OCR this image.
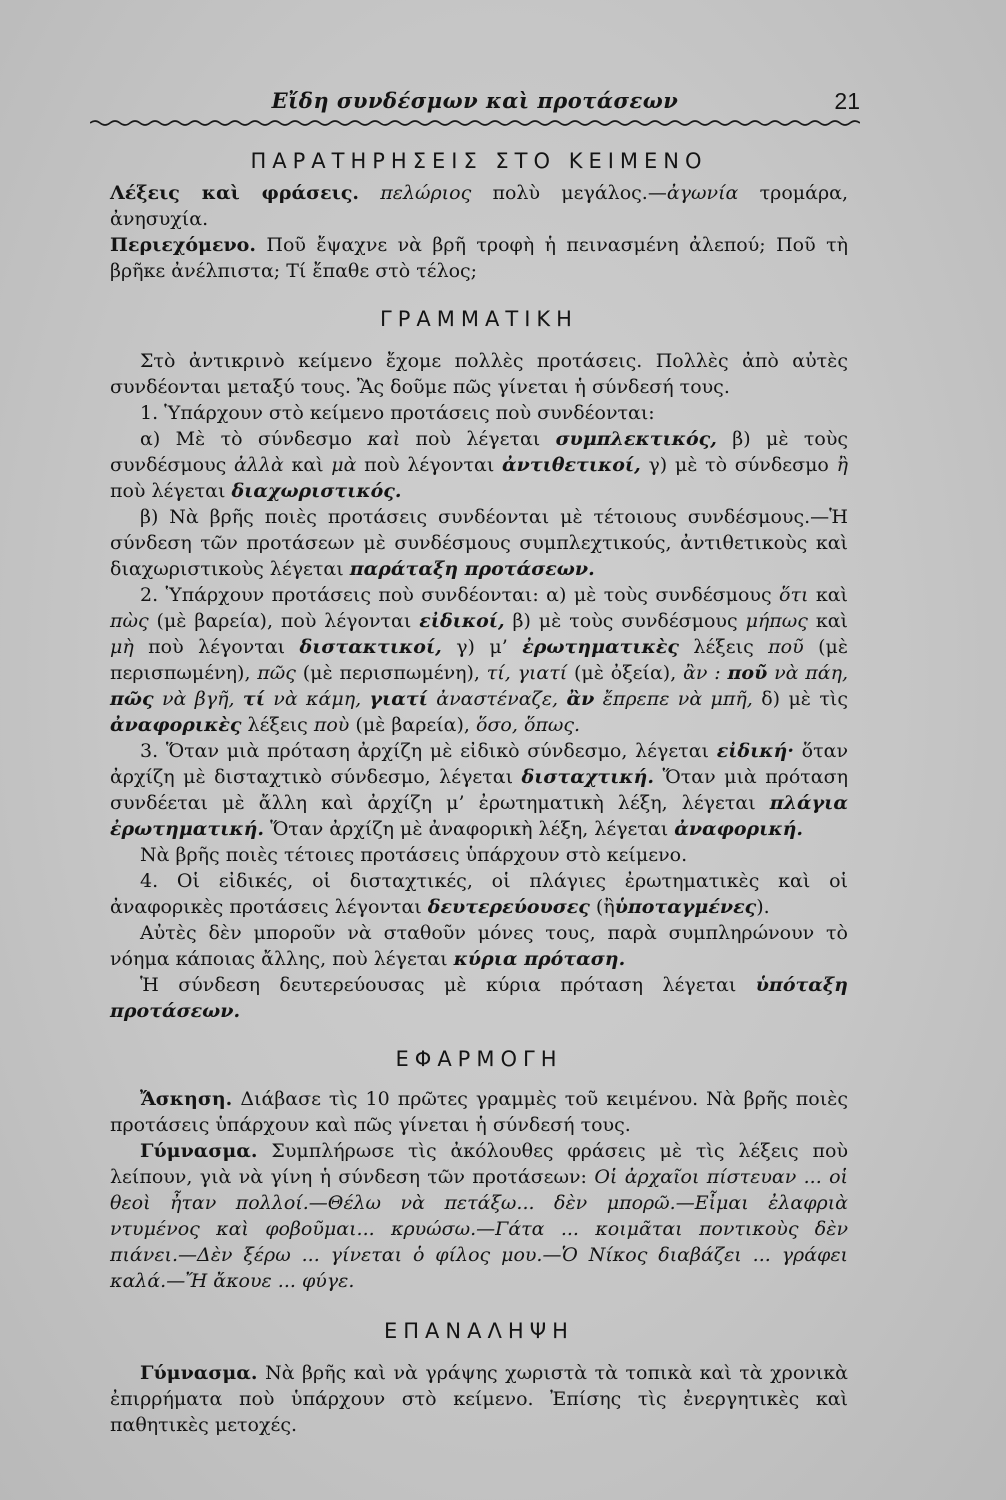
Εἴδη συνδέσμων καὶ προτάσεων	21
ΠΑΡΑΤΗΡΗΣΕΙΣ ΣΤΟ ΚΕΙΜΕΝΟ

Λέξεις καὶ φράσεις. πελώριος πολὺ μεγάλος.—ἀγωνία τρομάρα, ἀνησυχία.

Περιεχόμενο. Ποῦ ἔψαχνε νὰ βρῆ τροφὴ ἡ πεινασμένη ἀλεπού; Ποῦ τὴ βρῆκε ἀνέλπιστα; Τί ἔπαθε στὸ τέλος;

ΓΡΑΜΜΑΤΙΚΗ

Στὸ ἀντικρινὸ κείμενο ἔχομε πολλὲς προτάσεις. Πολλὲς ἀπὸ αὐτὲς συνδέονται μεταξύ τους. Ἂς δοῦμε πῶς γίνεται ἡ σύνδεσή τους.

1. Ὑπάρχουν στὸ κείμενο προτάσεις ποὺ συνδέονται:

α) Μὲ τὸ σύνδεσμο καὶ ποὺ λέγεται συμπλεκτικός, β) μὲ τοὺς συνδέσμους ἀλλὰ καὶ μὰ ποὺ λέγονται ἀντιθετικοί, γ) μὲ τὸ σύνδεσμο ἢ ποὺ λέγεται διαχωριστικός.

β) Νὰ βρῆς ποιὲς προτάσεις συνδέονται μὲ τέτοιους συνδέσμους.—Ἡ σύνδεση τῶν προτάσεων μὲ συνδέσμους συμπλεχτικούς, ἀντιθετικοὺς καὶ διαχωριστικοὺς λέγεται παράταξη προτάσεων.

2. Ὑπάρχουν προτάσεις ποὺ συνδέονται: α) μὲ τοὺς συνδέσμους ὅτι καὶ πὼς (μὲ βαρεία), ποὺ λέγονται εἰδικοί, β) μὲ τοὺς συνδέσμους μήπως καὶ μὴ ποὺ λέγονται διστακτικοί, γ) μ’ ἐρωτηματικὲς λέξεις ποῦ (μὲ περισπωμένη), πῶς (μὲ περισπωμένη), τί, γιατί (μὲ ὀξεία), ἂν : ποῦ νὰ πάη, πῶς νὰ βγῆ, τί νὰ κάμη, γιατί ἀναστέναζε, ἂν ἔπρεπε νὰ μπῆ, δ) μὲ τὶς ἀναφορικὲς λέξεις ποὺ (μὲ βαρεία), ὅσο, ὅπως.

3. Ὅταν μιὰ πρόταση ἀρχίζη μὲ εἰδικὸ σύνδεσμο, λέγεται εἰδική· ὅταν ἀρχίζη μὲ δισταχτικὸ σύνδεσμο, λέγεται δισταχτική. Ὅταν μιὰ πρόταση συνδέεται μὲ ἄλλη καὶ ἀρχίζη μ’ ἐρωτηματικὴ λέξη, λέγεται πλάγια ἐρωτηματική. Ὅταν ἀρχίζη μὲ ἀναφορικὴ λέξη, λέγεται ἀναφορική.

Νὰ βρῆς ποιὲς τέτοιες προτάσεις ὑπάρχουν στὸ κείμενο.

4. Οἱ εἰδικές, οἱ δισταχτικές, οἱ πλάγιες ἐρωτηματικὲς καὶ οἱ ἀναφορικὲς προτάσεις λέγονται δευτερεύουσες (ἢὑποταγμένες).

Αὐτὲς δὲν μποροῦν νὰ σταθοῦν μόνες τους, παρὰ συμπληρώνουν τὸ νόημα κάποιας ἄλλης, ποὺ λέγεται κύρια πρόταση.

Ἡ σύνδεση δευτερεύουσας μὲ κύρια πρόταση λέγεται ὑπόταξη προτάσεων.

ΕΦΑΡΜΟΓΗ

Ἄσκηση. Διάβασε τὶς 10 πρῶτες γραμμὲς τοῦ κειμένου. Νὰ βρῆς ποιὲς προτάσεις ὑπάρχουν καὶ πῶς γίνεται ἡ σύνδεσή τους.

Γύμνασμα. Συμπλήρωσε τὶς ἀκόλουθες φράσεις μὲ τὶς λέξεις ποὺ λείπουν, γιὰ νὰ γίνη ἡ σύνδεση τῶν προτάσεων: Οἱ ἀρχαῖοι πίστευαν ... οἱ θεοὶ ἦταν πολλοί.—Θέλω νὰ πετάξω... δὲν μπορῶ.—Εἶμαι ἐλαφριὰ ντυμένος καὶ φοβοῦμαι... κρυώσω.—Γάτα ... κοιμᾶται ποντικοὺς δὲν πιάνει.—Δὲν ξέρω ... γίνεται ὁ φίλος μου.—Ὁ Νίκος διαβάζει ... γράφει καλά.—Ἤ ἄκουε ... φύγε.

ΕΠΑΝΑΛΗΨΗ

Γύμνασμα. Νὰ βρῆς καὶ νὰ γράψης χωριστὰ τὰ τοπικὰ καὶ τὰ χρονικὰ ἐπιρρήματα ποὺ ὑπάρχουν στὸ κείμενο. Ἐπίσης τὶς ἐνεργητικὲς καὶ παθητικὲς μετοχές.
